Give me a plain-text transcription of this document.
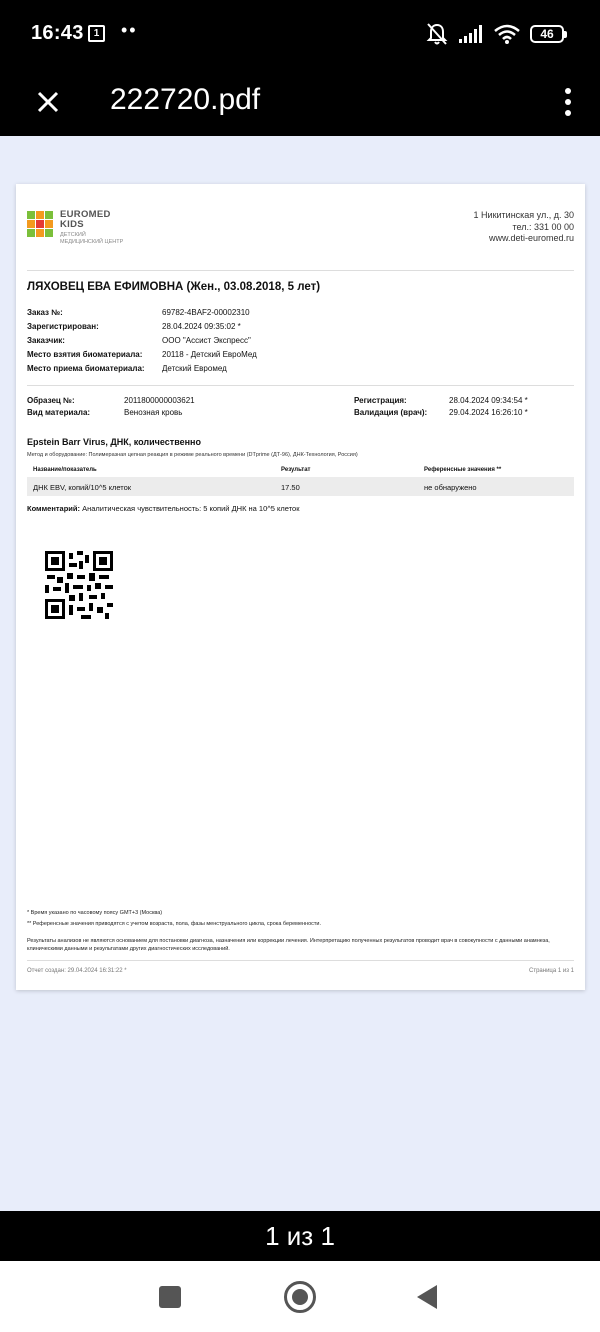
16:43	1	••	46
222720.pdf
EUROMED
KIDS
ДЕТСКИЙ
МЕДИЦИНСКИЙ ЦЕНТР
1 Никитинская ул., д. 30
тел.: 331 00 00
www.deti-euromed.ru
ЛЯХОВЕЦ ЕВА ЕФИМОВНА (Жен., 03.08.2018, 5 лет)
Заказ №:	69782-4BAF2-00002310
Зарегистрирован:	28.04.2024 09:35:02 *
Заказчик:	ООО "Ассист Экспресс"
Место взятия биоматериала: 20118 - Детский ЕвроМед
Место приема биоматериала: Детский Евромед
Образец №:	2011800000003621
Вид материала:	Венозная кровь
Регистрация:	28.04.2024 09:34:54 *
Валидация (врач):	29.04.2024 16:26:10 *
Epstein Barr Virus, ДНК, количественно
Метод и оборудование: Полимеразная цепная реакция в режиме реального времени (DTprime (ДТ-96), ДНК-Технология, Россия)
Название/показатель	Результат	Референсные значения **
ДНК EBV, копий/10^5 клеток	17.50	не обнаружено
Комментарий: Аналитическая чувствительность: 5 копий ДНК на 10^5 клеток
* Время указано по часовому поясу GMT+3 (Москва)
** Референсные значения приводятся с учетом возраста, пола, фазы менструального цикла, срока беременности.
Результаты анализов не являются основанием для постановки диагноза, назначения или коррекции лечения. Интерпретацию полученных результатов проводит врач в совокупности с данными анамнеза, клиническими данными и результатами других диагностических исследований.
Отчет создан: 29.04.2024 16:31:22 *	Страница 1 из 1
1 из 1
